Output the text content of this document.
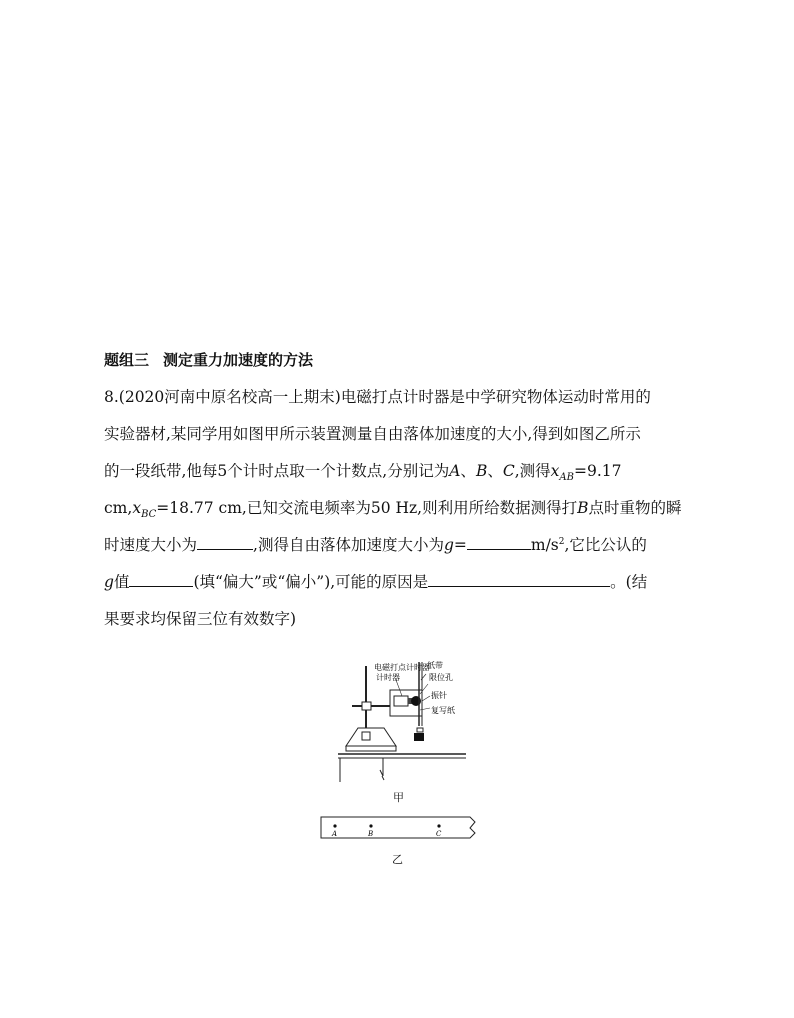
题组三 测定重力加速度的方法
8.(2020河南中原名校高一上期末)电磁打点计时器是中学研究物体运动时常用的
实验器材,某同学用如图甲所示装置测量自由落体加速度的大小,得到如图乙所示
的一段纸带,他每5个计时点取一个计数点,分别记为A、B、C,测得$x_{AB}=9.17$
$cm,x_{BC}=18.77$ cm,已知交流电频率为50 Hz,则利用所给数据测得打B点时重物的瞬
时速度大小为	,测得自由落体加速度大小为g=	$m/s^2$,它比公认的
g值	(填“偏大”或“偏小”),可能的原因是	。(结
果要求均保留三位有效数字)
电磁打点计时器
计时器
纸带
限位孔
振针
复写纸
甲
A	B	C
乙
